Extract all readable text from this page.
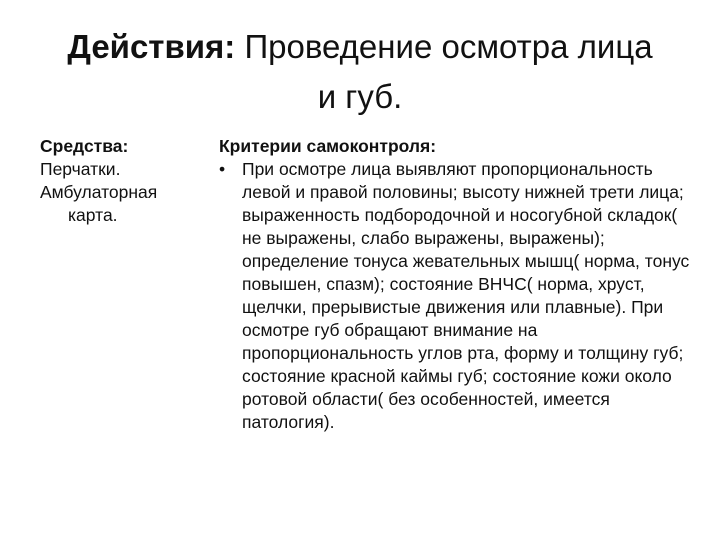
Действия: Проведение осмотра лица и губ.
Средства:
Перчатки.
Амбулаторная карта.
Критерии самоконтроля:

• При осмотре лица выявляют пропорциональность левой и правой половины; высоту нижней трети лица; выраженность подбородочной и носогубной складок( не выражены, слабо выражены, выражены); определение тонуса жевательных мышц( норма, тонус повышен, спазм); состояние ВНЧС( норма, хруст, щелчки, прерывистые движения или плавные). При осмотре губ обращают внимание на пропорциональность углов рта, форму и толщину губ; состояние красной каймы губ; состояние кожи около ротовой области( без особенностей, имеется патология).
